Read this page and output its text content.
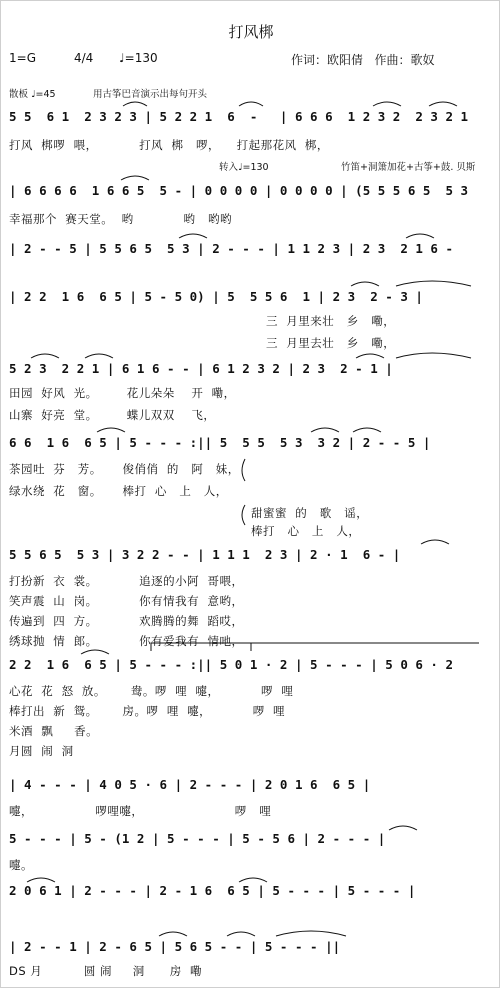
打风梆
1=G	4/4 ♩=130	作词：欧阳倩   作曲：歌奴
散板 ♩=45	用古筝巴音演示出每句开头
转入♩=130	竹笛+洞箫加花+古筝+鼓. 贝斯
5 5  6 1  2 3 2 3 | 5 2 2 1  6  -   | 6 6 6  1 2 3 2  2 3 2 1
| 6 6 6 6  1 6 6 5  5 - | 0 0 0 0 | 0 0 0 0 | (5 5 5 6 5  5 3
| 2 - - 5 | 5 5 6 5  5 3 | 2 - - - | 1 1 2 3 | 2 3  2 1 6 -
| 2 2  1 6  6 5 | 5 - 5 0) | 5  5 5 6  1 | 2 3  2 - 3 |
5 2 3  2 2 1 | 6 1 6 - - | 6 1 2 3 2 | 2 3  2 - 1 |
6 6  1 6  6 5 | 5 - - - :|| 5  5 5  5 3  3 2 | 2 - - 5 |
5 5 6 5  5 3 | 3 2 2 - - | 1 1 1  2 3 | 2 · 1  6 - |
2 2  1 6  6 5 | 5 - - - :|| 5 0 1 · 2 | 5 - - - | 5 0 6 · 2
| 4 - - - | 4 0 5 · 6 | 2 - - - | 2 0 1 6  6 5 |
5 - - - | 5 - (1 2 | 5 - - - | 5 - 5 6 | 2 - - - |
2 0 6 1 | 2 - - - | 2 - 1 6  6 5 | 5 - - - | 5 - - - |
| 2 - - 1 | 2 - 6 5 | 5 6 5 - - | 5 - - - ||
打风  梆啰  喂，          打风  梆   啰，    打起那花风  梆，
幸福那个  赛天堂。  哟            哟   哟哟
三  月里来壮   乡   嘞，
三  月里去壮   乡   嘞，
田园  好风  光。       花儿朵朵    开  嘞，
山寨  好亮  堂。       蝶儿双双    飞，
茶园吐  芬   芳。     俊俏俏  的   阿   妹，
绿水绕  花   窗。     棒打  心   上   人，
甜蜜蜜  的   歌   谣，
棒打   心   上   人，
打扮新  衣  裳。          追逐的小阿  哥喂，
笑声震  山  岗。          你有情我有  意哟，
传遍到  四  方。          欢腾腾的舞  蹈哎，
绣球抛  情  郎。          你有爱我有  情吔，
心花  花  怒  放。      鸯。啰  哩  嚏，          啰  哩
棒打出  新  鸳。      房。啰  哩  嚏，          啰  哩
米酒  飘     香。
月圆  闹  洞
嚏，               啰哩嚏，                      啰   哩
嚏。
DS 月          圆 闹     洞      房  嘞
